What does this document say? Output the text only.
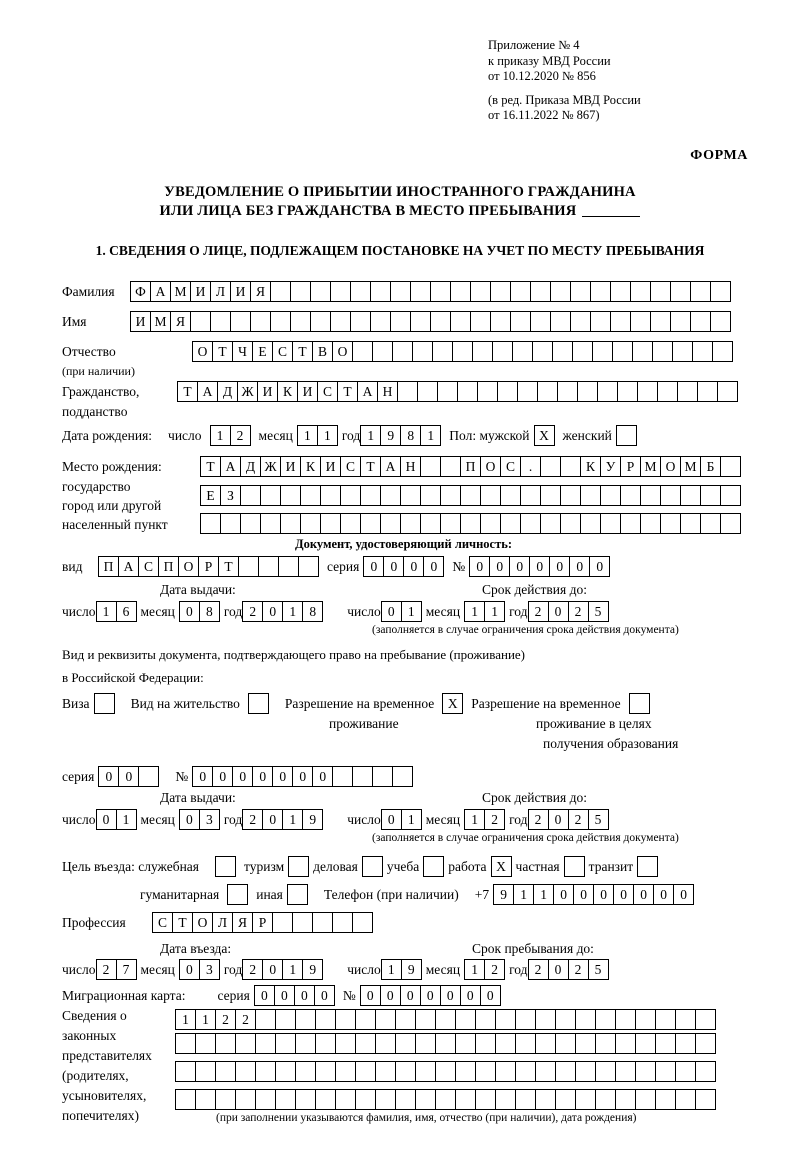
Приложение № 4
к приказу МВД России
от 10.12.2020 № 856
(в ред. Приказа МВД России
от 16.11.2022 № 867)
ФОРМА
УВЕДОМЛЕНИЕ О ПРИБЫТИИ ИНОСТРАННОГО ГРАЖДАНИНА
ИЛИ ЛИЦА БЕЗ ГРАЖДАНСТВА В МЕСТО ПРЕБЫВАНИЯ
1. СВЕДЕНИЯ О ЛИЦЕ, ПОДЛЕЖАЩЕМ ПОСТАНОВКЕ НА УЧЕТ ПО МЕСТУ ПРЕБЫВАНИЯ
Фамилия	Ф А М И Л И Я
Имя	И М Я
Отчество	О Т Ч Е С Т В О
(при наличии)
Гражданство,	Т А Д Ж И К И С Т А Н
подданство
Дата рождения: число	1 2	месяц 1 1 год 1 9 8 1	Пол: мужской X	женский
Место рождения:	Т А Д Ж И К И С Т А Н	П О С	.	К У Р М О М Б
государство
Е З
город или другой
населенный пункт
Документ, удостоверяющий личность:
вид	П А С П О Р Т	серия 0 0 0 0	№ 0 0 0 0 0 0 0
Дата выдачи:	Срок действия до:
число 1 6 месяц 0 8 год 2 0 1 8	число 0 1 месяц 1 1 год 2 0 2 5
(заполняется в случае ограничения срока действия документа)
Вид и реквизиты документа, подтверждающего право на пребывание (проживание)
в Российской Федерации:
Виза	Вид на жительство	Разрешение на временное	X	Разрешение на временное
проживание	проживание в целях
получения образования
серия 0 0	№ 0 0 0 0 0 0 0
Дата выдачи:	Срок действия до:
число 0 1 месяц 0 3 год 2 0 1 9	число 0 1 месяц 1 2 год 2 0 2 5
(заполняется в случае ограничения срока действия документа)
Цель въезда: служебная	туризм деловая учеба работа X частная транзит
гуманитарная	иная	Телефон (при наличии) +7 9 1 1 0 0 0 0 0 0 0
Профессия	С Т О Л Я Р
Дата въезда:	Срок пребывания до:
число 2 7 месяц 0 3 год 2 0 1 9	число 1 9 месяц 1 2 год 2 0 2 5
Миграционная карта: серия 0 0 0 0	№ 0 0 0 0 0 0 0
Сведения о
законных
представителях
(родителях,
усыновителях,
попечителях)
1 1 2 2
(при заполнении указываются фамилия, имя, отчество (при наличии), дата рождения)
